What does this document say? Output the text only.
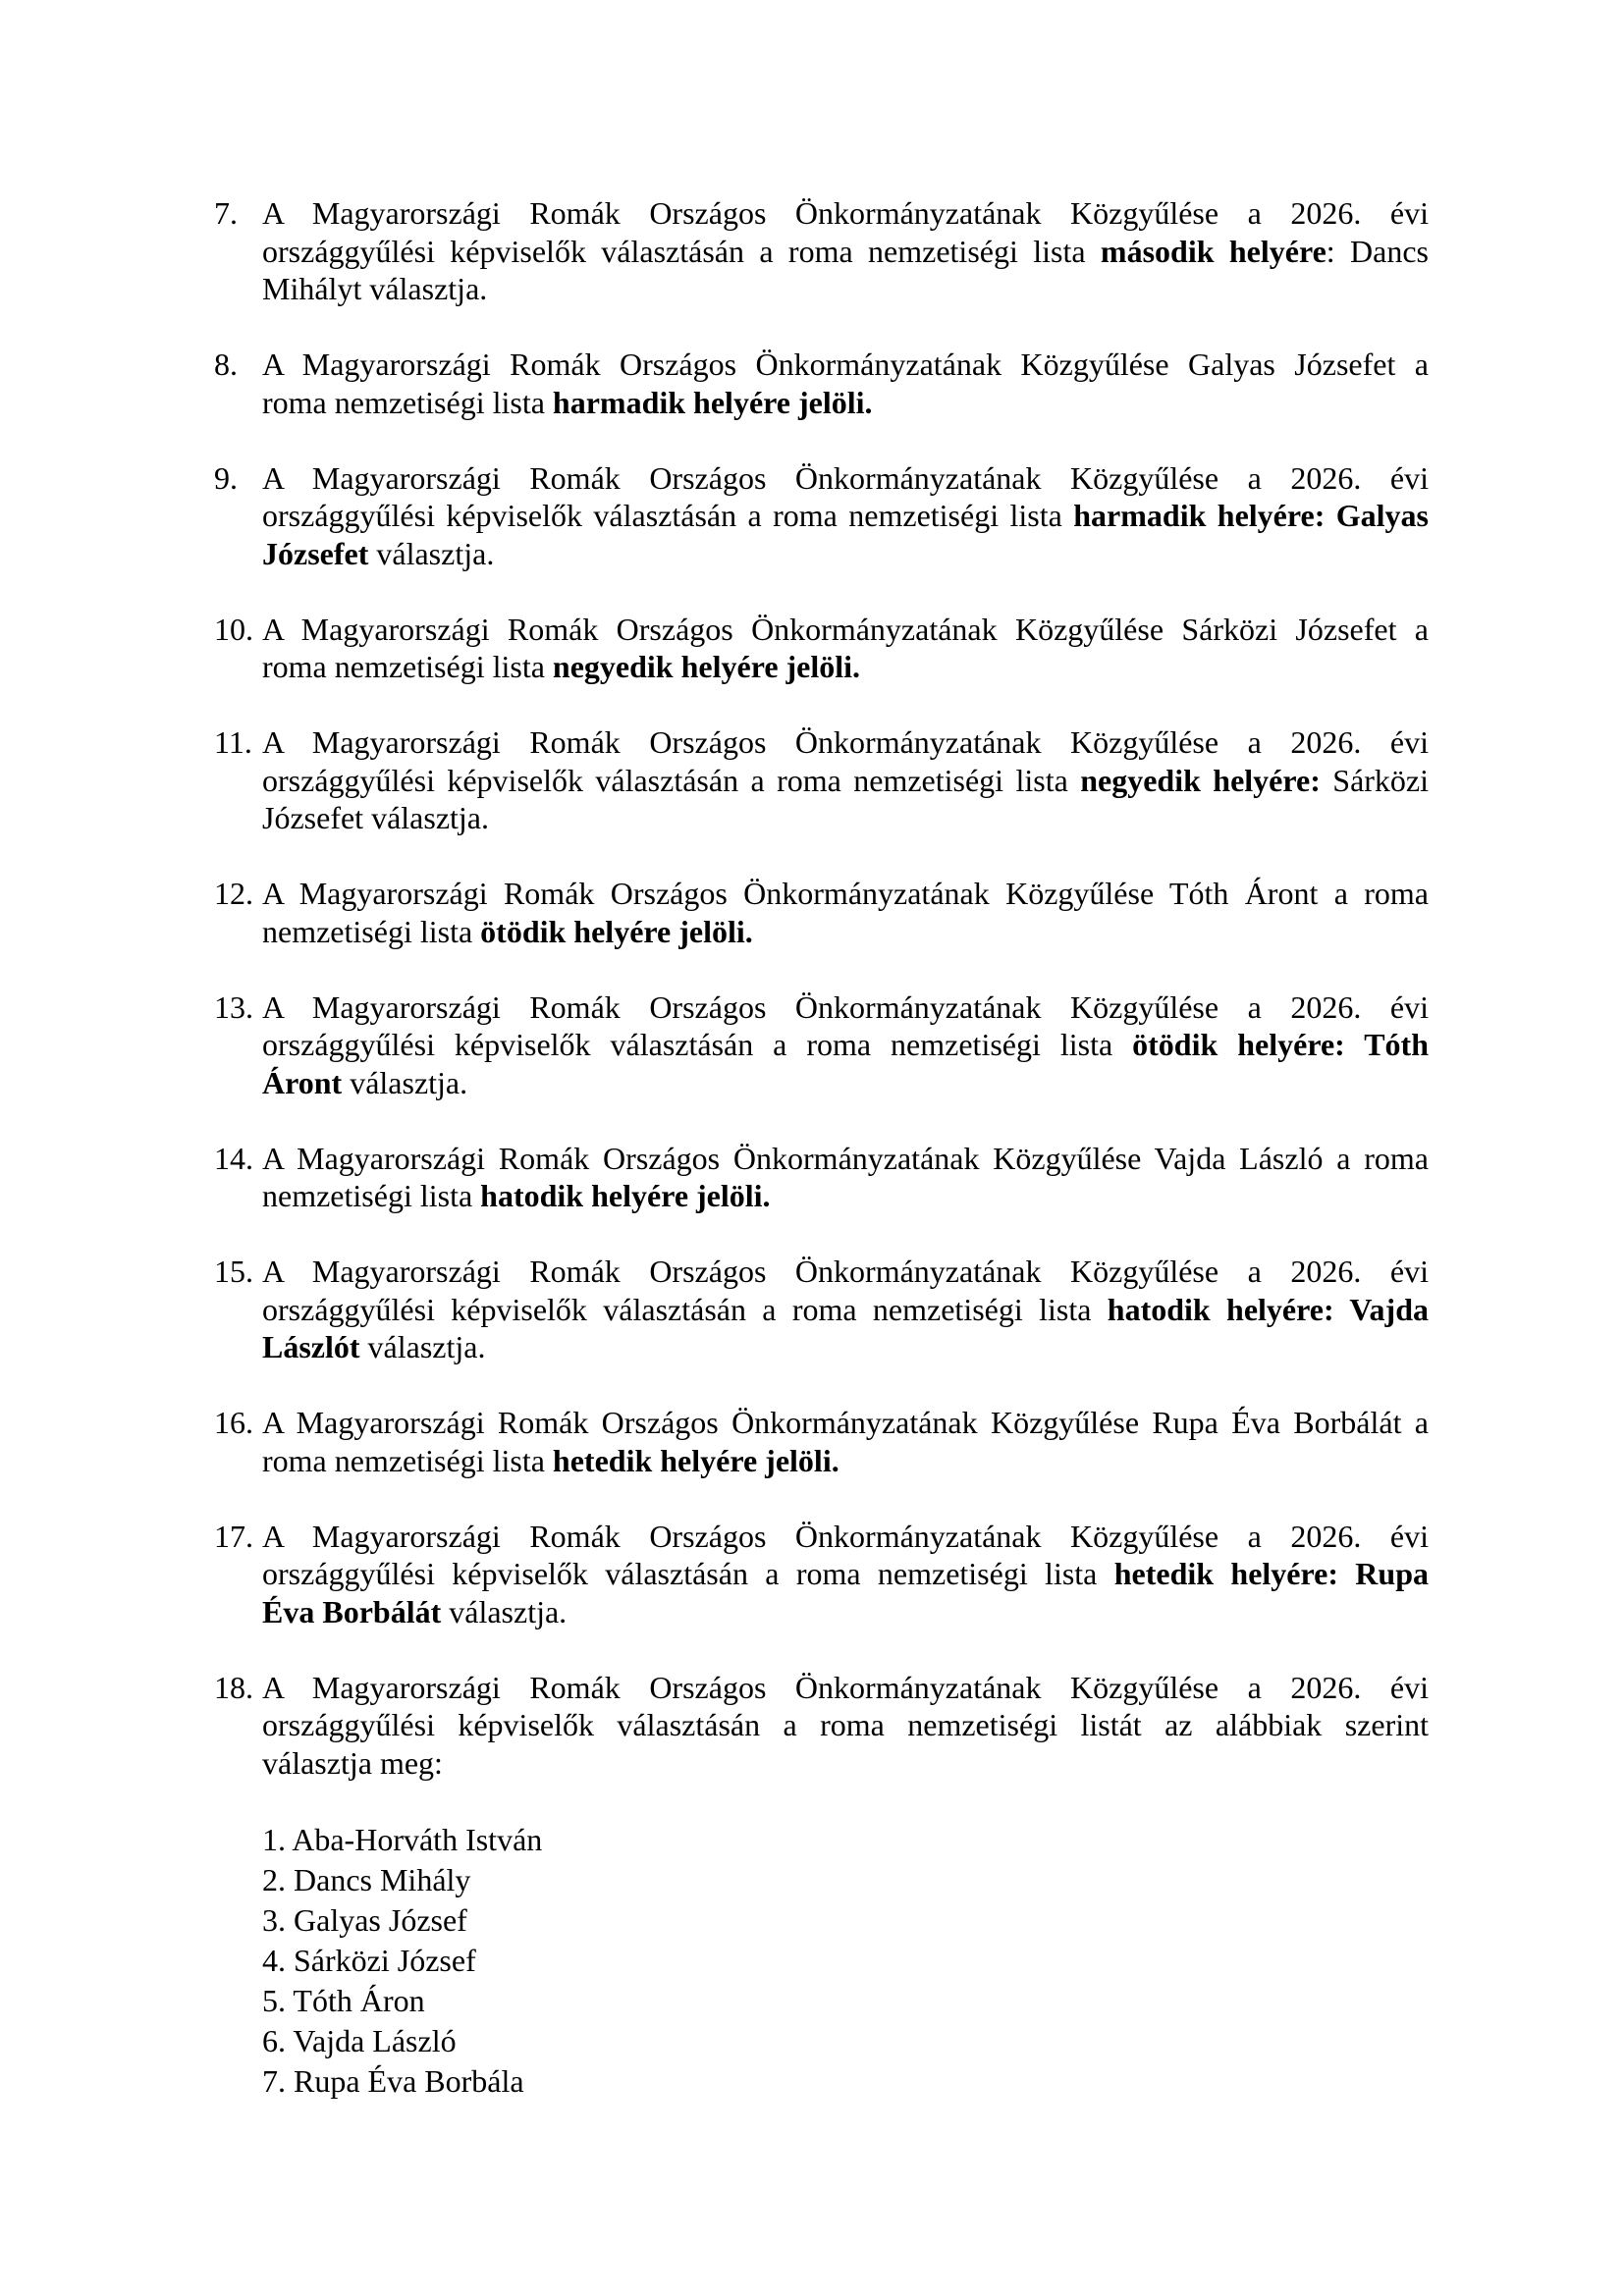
7. A Magyarországi Romák Országos Önkormányzatának Közgyűlése a 2026. évi
országgyűlési képviselők választásán a roma nemzetiségi lista második helyére: Dancs
Mihályt választja.
8. A Magyarországi Romák Országos Önkormányzatának Közgyűlése Galyas Józsefet a
roma nemzetiségi lista harmadik helyére jelöli.
9. A Magyarországi Romák Országos Önkormányzatának Közgyűlése a 2026. évi
országgyűlési képviselők választásán a roma nemzetiségi lista harmadik helyére: Galyas
Józsefet választja.
10. A Magyarországi Romák Országos Önkormányzatának Közgyűlése Sárközi Józsefet a
roma nemzetiségi lista negyedik helyére jelöli.
11. A Magyarországi Romák Országos Önkormányzatának Közgyűlése a 2026. évi
országgyűlési képviselők választásán a roma nemzetiségi lista negyedik helyére: Sárközi
Józsefet választja.
12. A Magyarországi Romák Országos Önkormányzatának Közgyűlése Tóth Áront a roma
nemzetiségi lista ötödik helyére jelöli.
13. A Magyarországi Romák Országos Önkormányzatának Közgyűlése a 2026. évi
országgyűlési képviselők választásán a roma nemzetiségi lista ötödik helyére: Tóth
Áront választja.
14. A Magyarországi Romák Országos Önkormányzatának Közgyűlése Vajda László a roma
nemzetiségi lista hatodik helyére jelöli.
15. A Magyarországi Romák Országos Önkormányzatának Közgyűlése a 2026. évi
országgyűlési képviselők választásán a roma nemzetiségi lista hatodik helyére: Vajda
Lászlót választja.
16. A Magyarországi Romák Országos Önkormányzatának Közgyűlése Rupa Éva Borbálát a
roma nemzetiségi lista hetedik helyére jelöli.
17. A Magyarországi Romák Országos Önkormányzatának Közgyűlése a 2026. évi
országgyűlési képviselők választásán a roma nemzetiségi lista hetedik helyére: Rupa
Éva Borbálát választja.
18. A Magyarországi Romák Országos Önkormányzatának Közgyűlése a 2026. évi
országgyűlési képviselők választásán a roma nemzetiségi listát az alábbiak szerint
választja meg:
1. Aba-Horváth István
2. Dancs Mihály
3. Galyas József
4. Sárközi József
5. Tóth Áron
6. Vajda László
7. Rupa Éva Borbála
